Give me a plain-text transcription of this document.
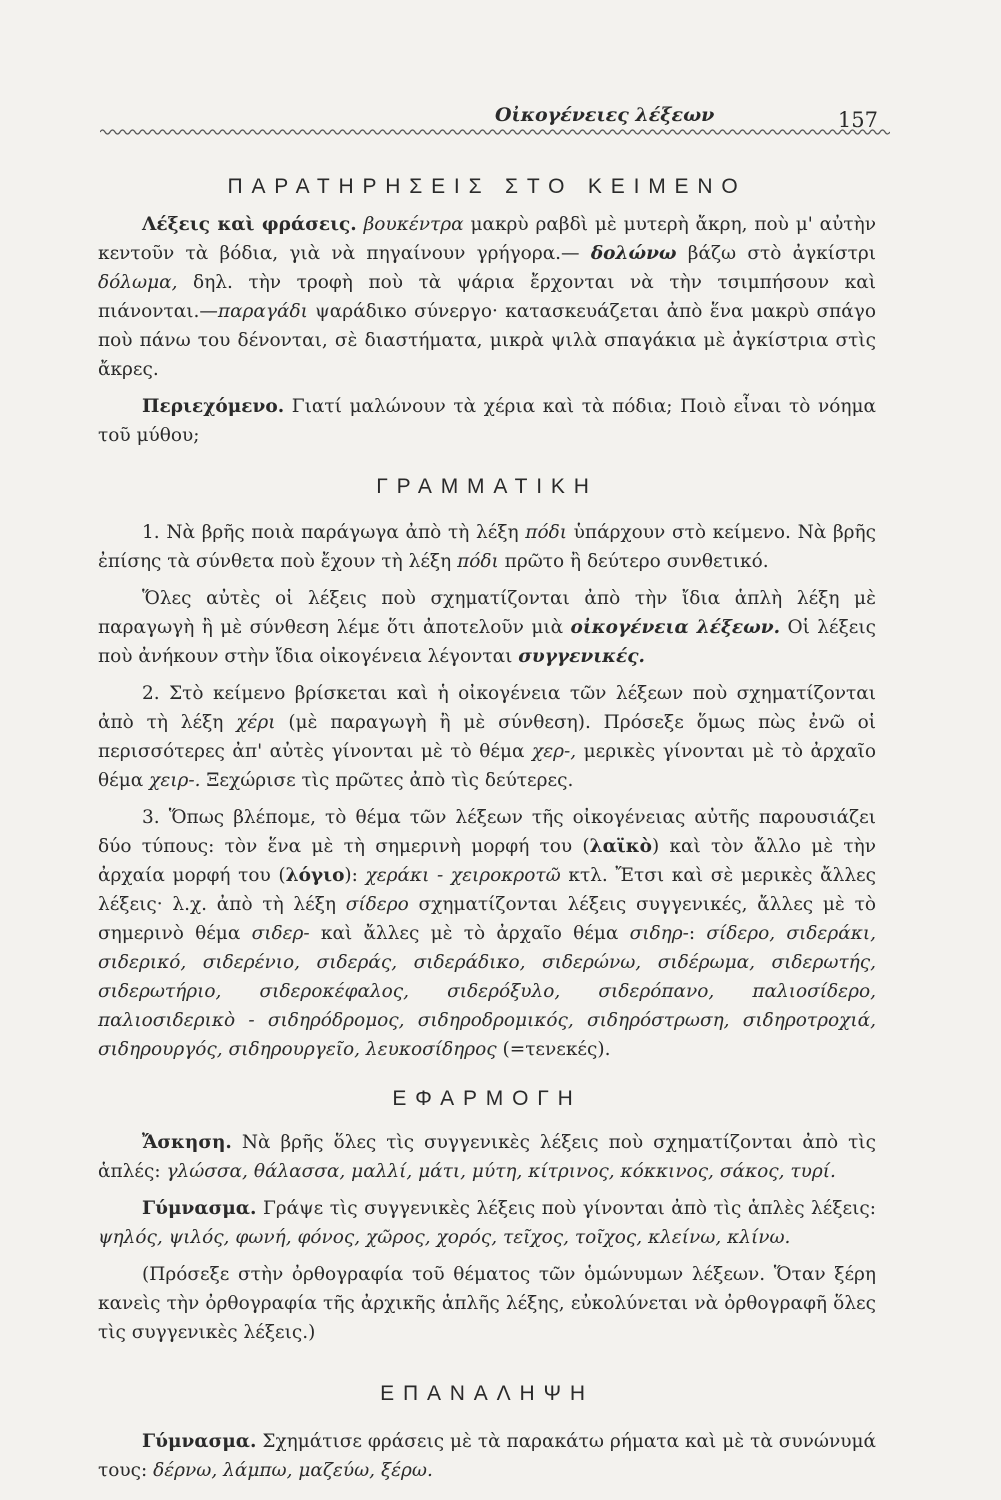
Οἰκογένειες λέξεων	157
ΠΑΡΑΤΗΡΗΣΕΙΣ ΣΤΟ ΚΕΙΜΕΝΟ

Λέξεις καὶ φράσεις. βουκέντρα μακρὺ ραβδὶ μὲ μυτερὴ ἄκρη, ποὺ μ' αὐτὴν κεντοῦν τὰ βόδια, γιὰ νὰ πηγαίνουν γρήγορα.— δολώνω βάζω στὸ ἀγκίστρι δόλωμα, δηλ. τὴν τροφὴ ποὺ τὰ ψάρια ἔρχονται νὰ τὴν τσιμπήσουν καὶ πιάνονται.—παραγάδι ψαράδικο σύνεργο· κατασκευάζεται ἀπὸ ἕνα μακρὺ σπάγο ποὺ πάνω του δένονται, σὲ διαστήματα, μικρὰ ψιλὰ σπαγάκια μὲ ἀγκίστρια στὶς ἄκρες.

Περιεχόμενο. Γιατί μαλώνουν τὰ χέρια καὶ τὰ πόδια; Ποιὸ εἶναι τὸ νόημα τοῦ μύθου;

ΓΡΑΜΜΑΤΙΚΗ

1. Νὰ βρῆς ποιὰ παράγωγα ἀπὸ τὴ λέξη πόδι ὑπάρχουν στὸ κείμενο. Νὰ βρῆς ἐπίσης τὰ σύνθετα ποὺ ἔχουν τὴ λέξη πόδι πρῶτο ἢ δεύτερο συνθετικό.

Ὅλες αὐτὲς οἱ λέξεις ποὺ σχηματίζονται ἀπὸ τὴν ἴδια ἁπλὴ λέξη μὲ παραγωγὴ ἢ μὲ σύνθεση λέμε ὅτι ἀποτελοῦν μιὰ οἰκογένεια λέξεων. Οἱ λέξεις ποὺ ἀνήκουν στὴν ἴδια οἰκογένεια λέγονται συγγενικές.

2. Στὸ κείμενο βρίσκεται καὶ ἡ οἰκογένεια τῶν λέξεων ποὺ σχηματίζονται ἀπὸ τὴ λέξη χέρι (μὲ παραγωγὴ ἢ μὲ σύνθεση). Πρόσεξε ὅμως πὼς ἐνῶ οἱ περισσότερες ἀπ' αὐτὲς γίνονται μὲ τὸ θέμα χερ-, μερικὲς γίνονται μὲ τὸ ἀρχαῖο θέμα χειρ-. Ξεχώρισε τὶς πρῶτες ἀπὸ τὶς δεύτερες.

3. Ὅπως βλέπομε, τὸ θέμα τῶν λέξεων τῆς οἰκογένειας αὐτῆς παρουσιάζει δύο τύπους: τὸν ἕνα μὲ τὴ σημερινὴ μορφή του (λαϊκὸ) καὶ τὸν ἄλλο μὲ τὴν ἀρχαία μορφή του (λόγιο): χεράκι - χειροκροτῶ κτλ. Ἔτσι καὶ σὲ μερικὲς ἄλλες λέξεις· λ.χ. ἀπὸ τὴ λέξη σίδερο σχηματίζονται λέξεις συγγενικές, ἄλλες μὲ τὸ σημερινὸ θέμα σιδερ- καὶ ἄλλες μὲ τὸ ἀρχαῖο θέμα σιδηρ-: σίδερο, σιδεράκι, σιδερικό, σιδερένιο, σιδεράς, σιδεράδικο, σιδερώνω, σιδέρωμα, σιδερωτής, σιδερωτήριο, σιδεροκέφαλος, σιδερόξυλο, σιδερόπανο, παλιοσίδερο, παλιοσιδερικὸ - σιδηρόδρομος, σιδηροδρομικός, σιδηρόστρωση, σιδηροτροχιά, σιδηρουργός, σιδηρουργεῖο, λευκοσίδηρος (=τενεκές).

ΕΦΑΡΜΟΓΗ

Ἄσκηση. Νὰ βρῆς ὅλες τὶς συγγενικὲς λέξεις ποὺ σχηματίζονται ἀπὸ τὶς ἁπλές: γλώσσα, θάλασσα, μαλλί, μάτι, μύτη, κίτρινος, κόκκινος, σάκος, τυρί.

Γύμνασμα. Γράψε τὶς συγγενικὲς λέξεις ποὺ γίνονται ἀπὸ τὶς ἁπλὲς λέξεις: ψηλός, ψιλός, φωνή, φόνος, χῶρος, χορός, τεῖχος, τοῖχος, κλείνω, κλίνω.

(Πρόσεξε στὴν ὀρθογραφία τοῦ θέματος τῶν ὁμώνυμων λέξεων. Ὅταν ξέρη κανεὶς τὴν ὀρθογραφία τῆς ἀρχικῆς ἁπλῆς λέξης, εὐκολύνεται νὰ ὀρθογραφῆ ὅλες τὶς συγγενικὲς λέξεις.)

ΕΠΑΝΑΛΗΨΗ

Γύμνασμα. Σχημάτισε φράσεις μὲ τὰ παρακάτω ρήματα καὶ μὲ τὰ συνώνυμά τους: δέρνω, λάμπω, μαζεύω, ξέρω.
